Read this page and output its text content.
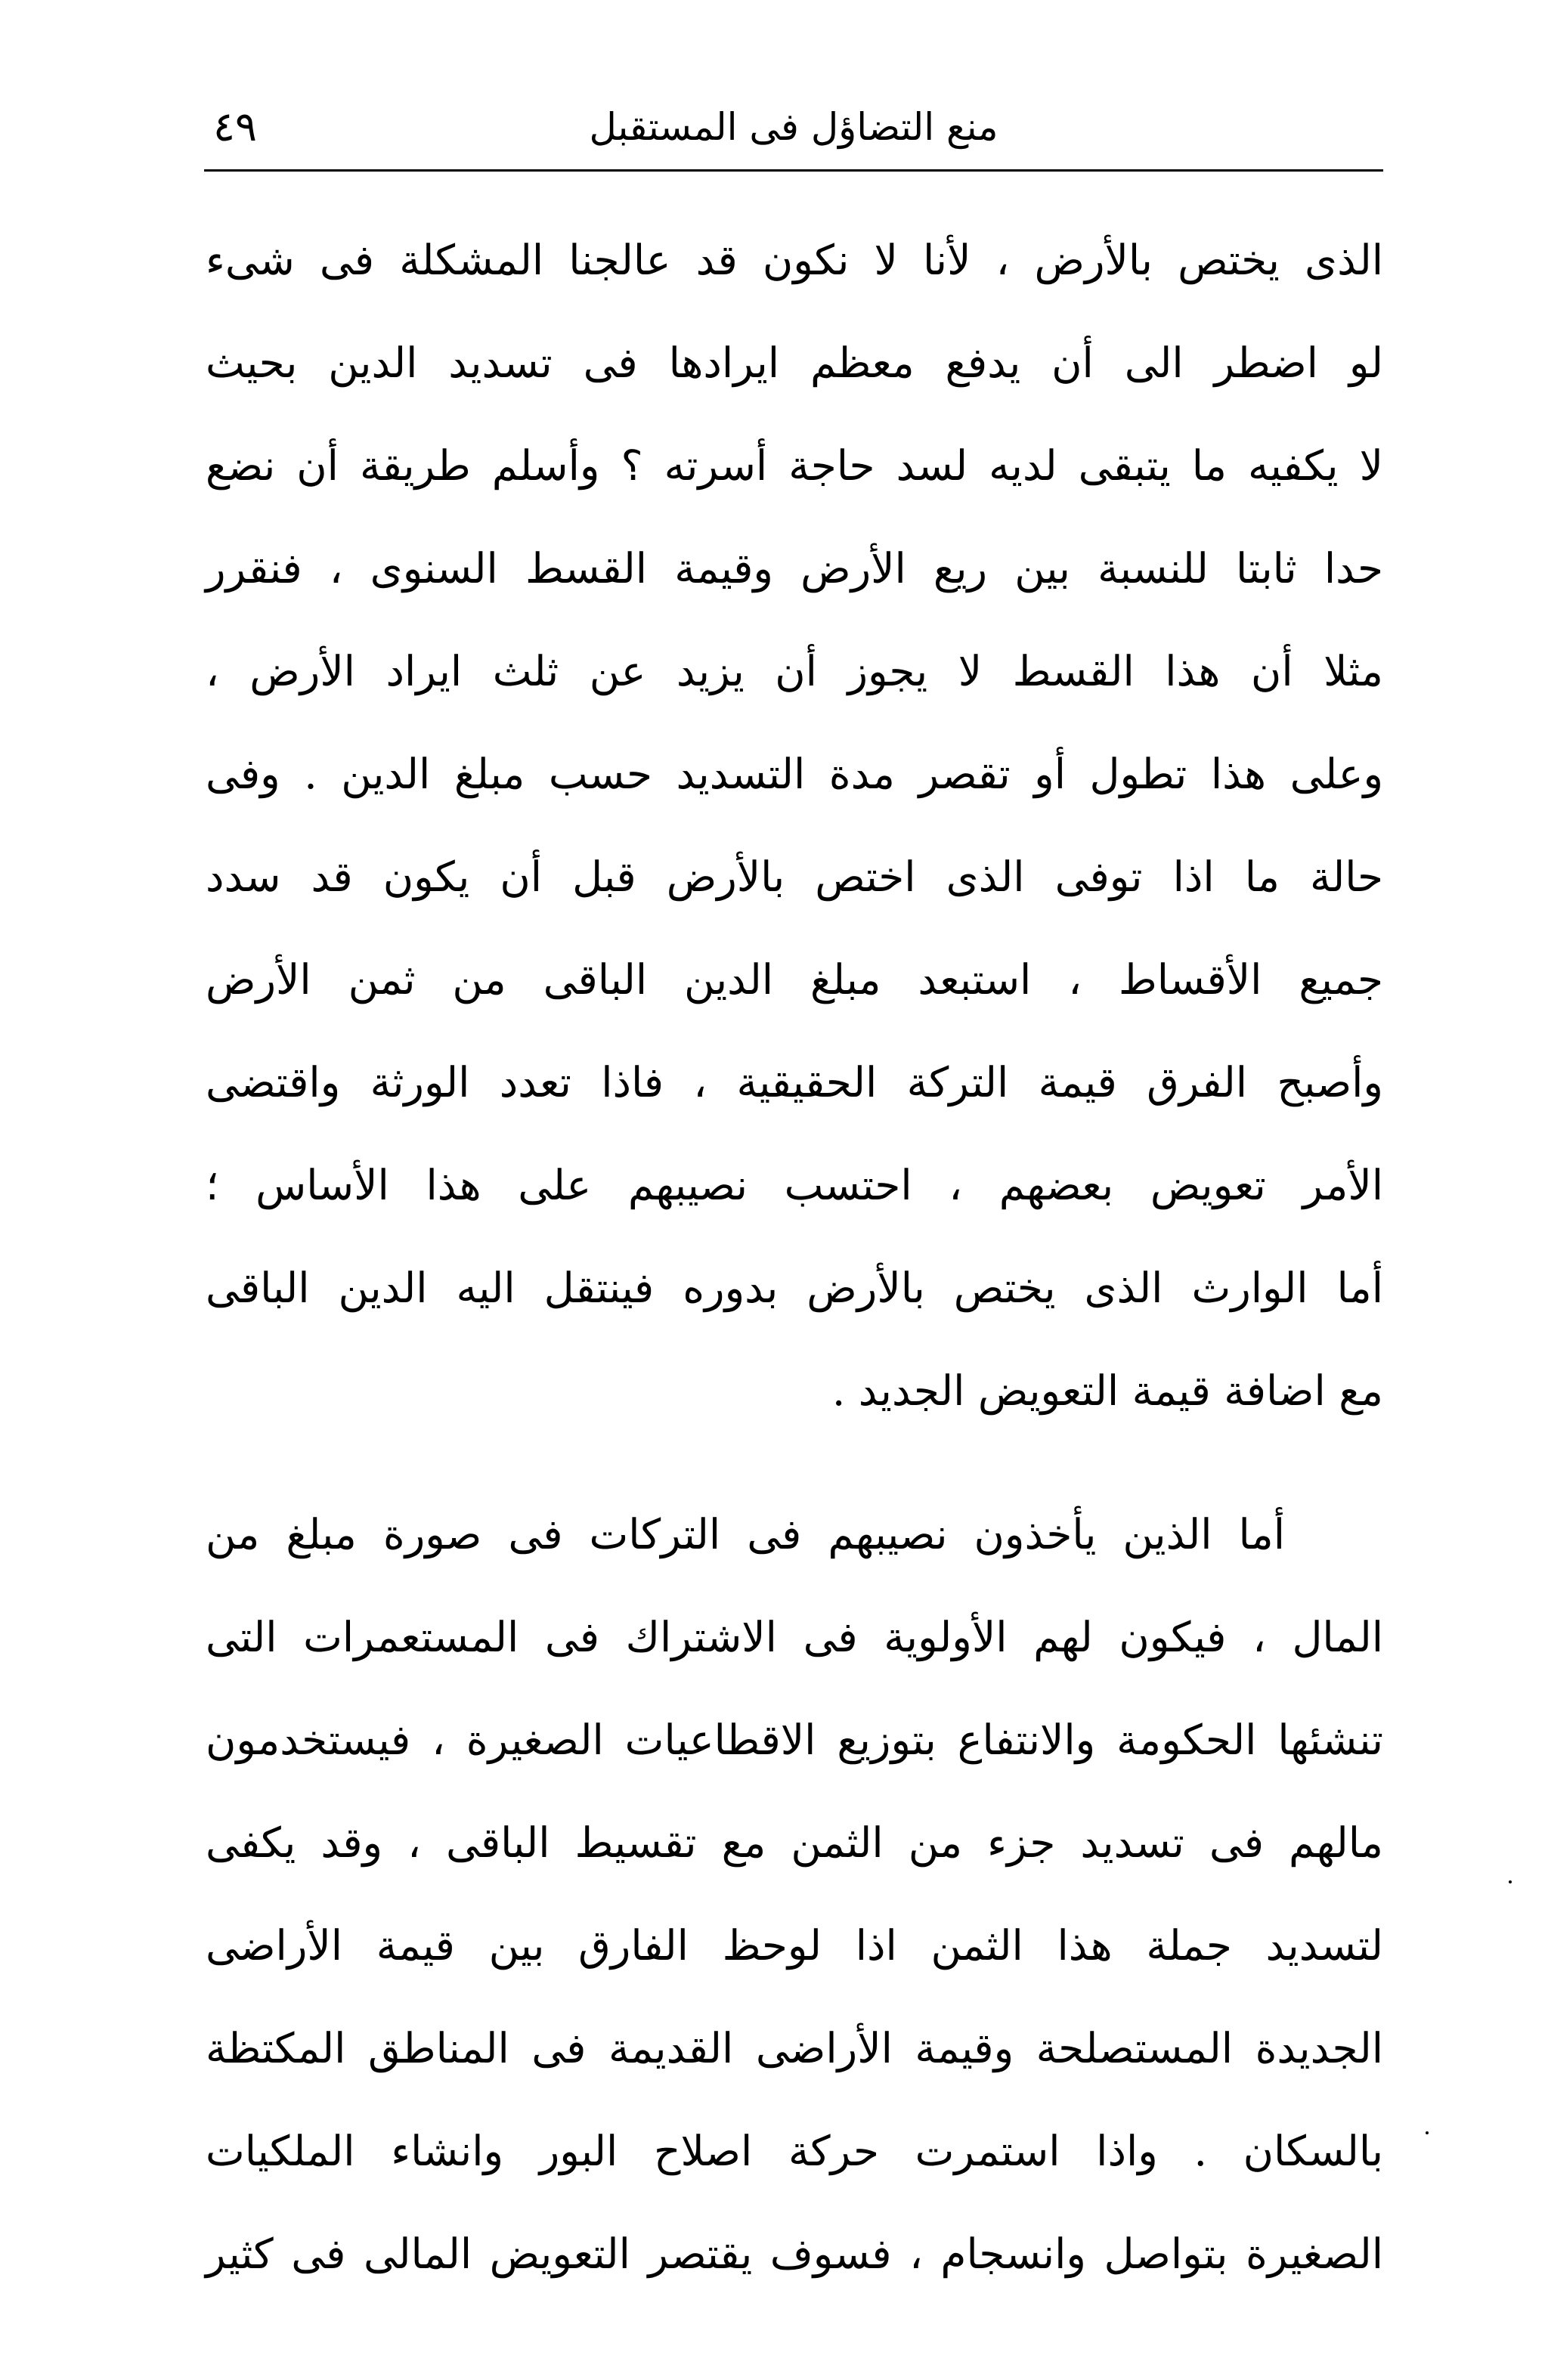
منع التضاؤل فى المستقبل
٤٩
الذى يختص بالأرض ، لأنا لا نكون قد عالجنا المشكلة فى شىء
لو اضطر الى أن يدفع معظم ايرادها فى تسديد الدين بحيث
لا يكفيه ما يتبقى لديه لسد حاجة أسرته ؟ وأسلم طريقة أن نضع
حدا ثابتا للنسبة بين ريع الأرض وقيمة القسط السنوى ، فنقرر
مثلا أن هذا القسط لا يجوز أن يزيد عن ثلث ايراد الأرض ،
وعلى هذا تطول أو تقصر مدة التسديد حسب مبلغ الدين . وفى
حالة ما اذا توفى الذى اختص بالأرض قبل أن يكون قد سدد
جميع الأقساط ، استبعد مبلغ الدين الباقى من ثمن الأرض
وأصبح الفرق قيمة التركة الحقيقية ، فاذا تعدد الورثة واقتضى
الأمر تعويض بعضهم ، احتسب نصيبهم على هذا الأساس ؛
أما الوارث الذى يختص بالأرض بدوره فينتقل اليه الدين الباقى
مع اضافة قيمة التعويض الجديد .
أما الذين يأخذون نصيبهم فى التركات فى صورة مبلغ من
المال ، فيكون لهم الأولوية فى الاشتراك فى المستعمرات التى
تنشئها الحكومة والانتفاع بتوزيع الاقطاعيات الصغيرة ، فيستخدمون
مالهم فى تسديد جزء من الثمن مع تقسيط الباقى ، وقد يكفى
لتسديد جملة هذا الثمن اذا لوحظ الفارق بين قيمة الأراضى
الجديدة المستصلحة وقيمة الأراضى القديمة فى المناطق المكتظة
بالسكان . واذا استمرت حركة اصلاح البور وانشاء الملكيات
الصغيرة بتواصل وانسجام ، فسوف يقتصر التعويض المالى فى كثير
